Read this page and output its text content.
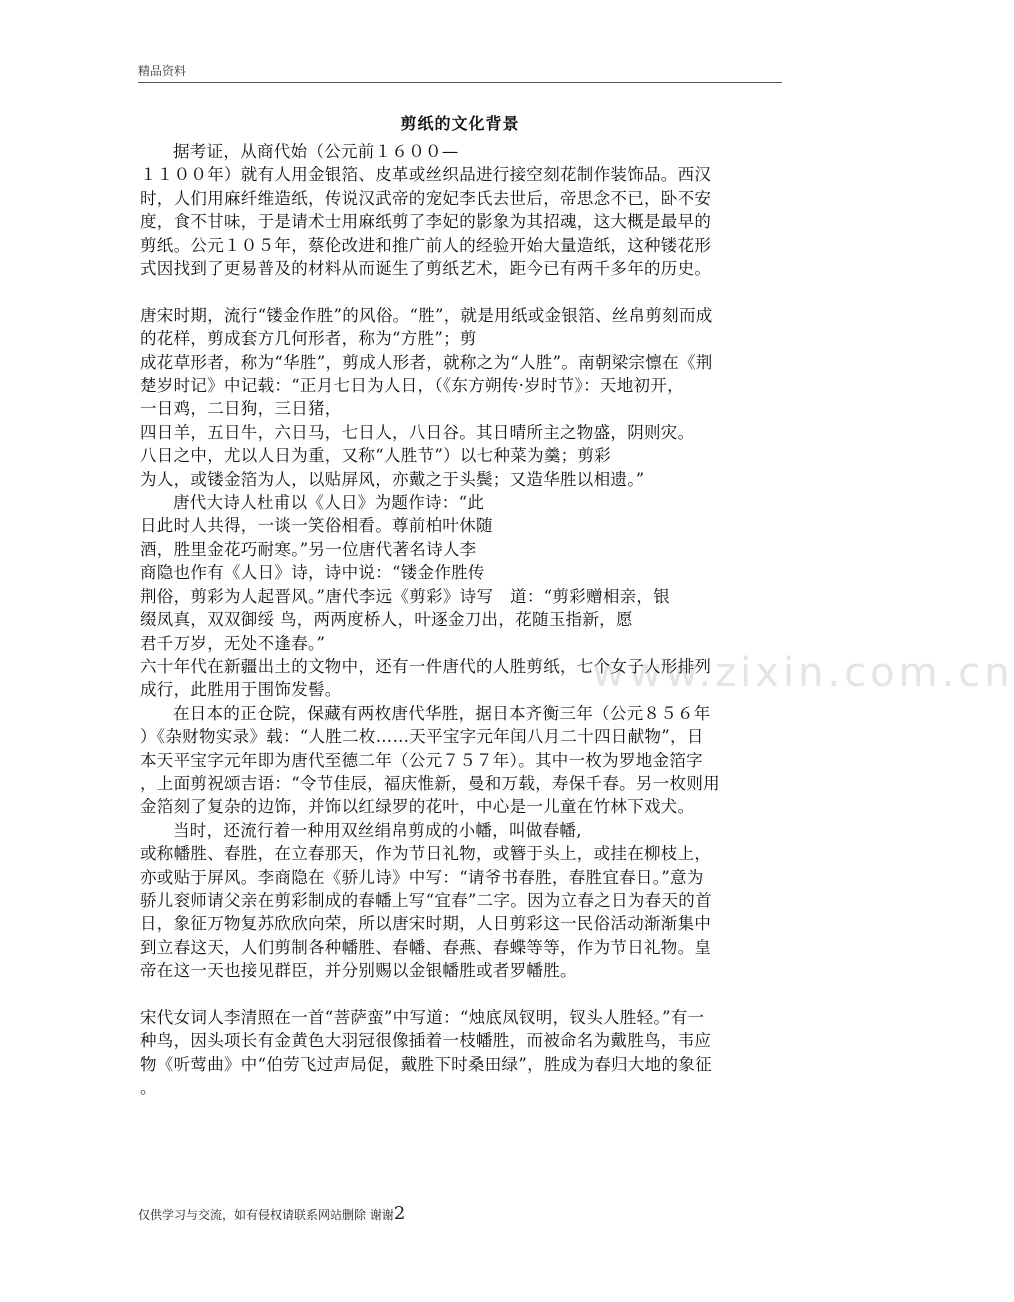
精品资料
www.zixin.com.cn

剪纸的文化背景

据考证，从商代始（公元前１６００—
１１００年）就有人用金银箔、皮革或丝织品进行接空刻花制作装饰品。西汉
时，人们用麻纤维造纸，传说汉武帝的宠妃李氏去世后，帝思念不已，卧不安
度，食不甘味，于是请术士用麻纸剪了李妃的影象为其招魂，这大概是最早的
剪纸。公元１０５年，蔡伦改进和推广前人的经验开始大量造纸，这种镂花形
式因找到了更易普及的材料从而诞生了剪纸艺术，距今已有两千多年的历史。
唐宋时期，流行“镂金作胜”的风俗。“胜”，就是用纸或金银箔、丝帛剪刻而成
的花样，剪成套方几何形者，称为“方胜”；剪
成花草形者，称为“华胜”，剪成人形者，就称之为“人胜”。南朝梁宗懔在《荆
楚岁时记》中记载：“正月七日为人日，（《东方朔传·岁时节》：天地初开，
一日鸡，二日狗，三日猪，
四日羊，五日牛，六日马，七日人，八日谷。其日晴所主之物盛，阴则灾。
八日之中，尤以人日为重，又称“人胜节”）以七种菜为羹；剪彩
为人，或镂金箔为人，以贴屏风，亦戴之于头鬓；又造华胜以相遗。”
唐代大诗人杜甫以《人日》为题作诗：“此
日此时人共得，一谈一笑俗相看。尊前柏叶休随
酒，胜里金花巧耐寒。”另一位唐代著名诗人李
商隐也作有《人日》诗，诗中说：“镂金作胜传
荆俗，剪彩为人起晋风。”唐代李远《剪彩》诗写　道：“剪彩赠相亲，银
缀凤真，双双御绥 鸟，两两度桥人，叶逐金刀出，花随玉指新，愿
君千万岁，无处不逢春。”
六十年代在新疆出土的文物中，还有一件唐代的人胜剪纸，七个女子人形排列
成行，此胜用于围饰发髻。
在日本的正仓院，保藏有两枚唐代华胜，据日本齐衡三年（公元８５６年
）《杂财物实录》载：“人胜二枚……天平宝字元年闰八月二十四日献物”，日
本天平宝字元年即为唐代至德二年（公元７５７年）。其中一枚为罗地金箔字
，上面剪祝颂吉语：“令节佳辰，福庆惟新，曼和万载，寿保千春。另一枚则用
金箔刻了复杂的边饰，并饰以红绿罗的花叶，中心是一儿童在竹林下戏犬。
当时，还流行着一种用双丝绢帛剪成的小幡，叫做春幡,
或称幡胜、春胜，在立春那天，作为节日礼物，或簪于头上，或挂在柳枝上，
亦或贴于屏风。李商隐在《骄儿诗》中写：“请爷书春胜，春胜宜春日。”意为
骄儿衮师请父亲在剪彩制成的春幡上写“宜春”二字。因为立春之日为春天的首
日，象征万物复苏欣欣向荣，所以唐宋时期，人日剪彩这一民俗活动渐渐集中
到立春这天，人们剪制各种幡胜、春幡、春燕、春蝶等等，作为节日礼物。皇
帝在这一天也接见群臣，并分别赐以金银幡胜或者罗幡胜。
宋代女词人李清照在一首“菩萨蛮”中写道：“烛底凤钗明，钗头人胜轻。”有一
种鸟，因头项长有金黄色大羽冠很像插着一枝幡胜，而被命名为戴胜鸟，韦应
物《听莺曲》中“伯劳飞过声局促，戴胜下时桑田绿”，胜成为春归大地的象征
。
仅供学习与交流，如有侵权请联系网站删除 谢谢2
